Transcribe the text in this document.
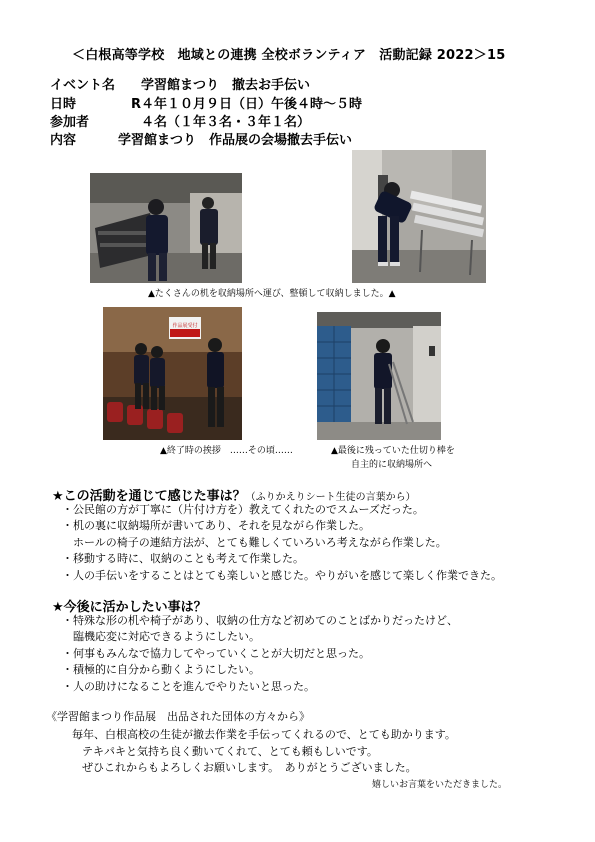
＜白根高等学校　地域との連携 全校ボランティア　活動記録 2022＞15
イベント名 学習館まつり　撤去お手伝い
日時	R４年１０月９日（日）午後４時～５時
参加者	４名（１年３名・３年１名）
内容	学習館まつり　作品展の会場撤去手伝い
▲たくさんの机を収納場所へ運び、整頓して収納しました。▲
作品展受付
▲終了時の挨拶　……その頃……	▲最後に残っていた仕切り棒を
自主的に収納場所へ
★この活動を通じて感じた事は？（ふりかえりシート生徒の言葉から）
・公民館の方が丁寧に（片付け方を）教えてくれたのでスムーズだった。
・机の裏に収納場所が書いてあり、それを見ながら作業した。
　ホールの椅子の連結方法が、とても難しくていろいろ考えながら作業した。
・移動する時に、収納のことも考えて作業した。
・人の手伝いをすることはとても楽しいと感じた。やりがいを感じて楽しく作業できた。
★今後に活かしたい事は？
・特殊な形の机や椅子があり、収納の仕方など初めてのことばかりだったけど、
　臨機応変に対応できるようにしたい。
・何事もみんなで協力してやっていくことが大切だと思った。
・積極的に自分から動くようにしたい。
・人の助けになることを進んでやりたいと思った。
《学習館まつり作品展　出品された団体の方々から》
毎年、白根高校の生徒が撤去作業を手伝ってくれるので、とても助かります。
テキパキと気持ち良く動いてくれて、とても頼もしいです。
ぜひこれからもよろしくお願いします。　ありがとうございました。
嬉しいお言葉をいただきました。
